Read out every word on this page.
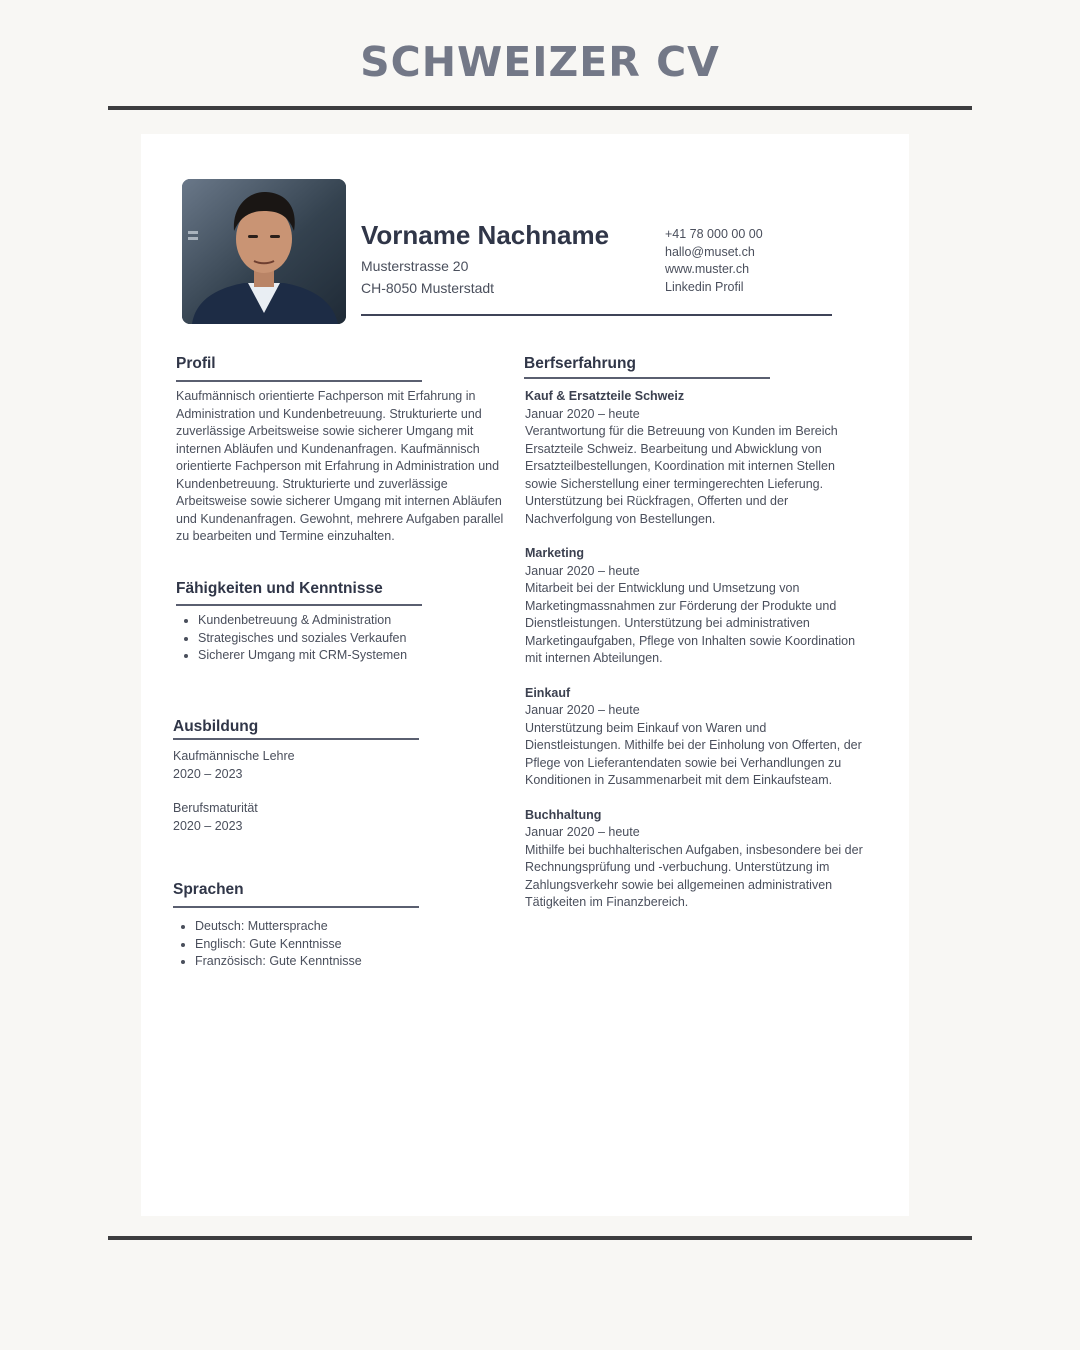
SCHWEIZER CV
Vorname Nachname
Musterstrasse 20
CH-8050 Musterstadt
+41 78 000 00 00
hallo@muset.ch
www.muster.ch
Linkedin Profil
Profil
Kaufmännisch orientierte Fachperson mit Erfahrung in Administration und Kundenbetreuung. Strukturierte und zuverlässige Arbeitsweise sowie sicherer Umgang mit internen Abläufen und Kundenanfragen. Kaufmännisch orientierte Fachperson mit Erfahrung in Administration und Kundenbetreuung. Strukturierte und zuverlässige Arbeitsweise sowie sicherer Umgang mit internen Abläufen und Kundenanfragen. Gewohnt, mehrere Aufgaben parallel zu bearbeiten und Termine einzuhalten.
Fähigkeiten und Kenntnisse
• Kundenbetreuung & Administration
• Strategisches und soziales Verkaufen
• Sicherer Umgang mit CRM-Systemen
Ausbildung
Kaufmännische Lehre
2020 – 2023
Berufsmaturität
2020 – 2023
Sprachen
• Deutsch: Muttersprache
• Englisch: Gute Kenntnisse
• Französisch: Gute Kenntnisse
Berfserfahrung
Kauf & Ersatzteile Schweiz
Januar 2020 – heute
Verantwortung für die Betreuung von Kunden im Bereich Ersatzteile Schweiz. Bearbeitung und Abwicklung von Ersatzteilbestellungen, Koordination mit internen Stellen sowie Sicherstellung einer termingerechten Lieferung. Unterstützung bei Rückfragen, Offerten und der Nachverfolgung von Bestellungen.
Marketing
Januar 2020 – heute
Mitarbeit bei der Entwicklung und Umsetzung von Marketingmassnahmen zur Förderung der Produkte und Dienstleistungen. Unterstützung bei administrativen Marketingaufgaben, Pflege von Inhalten sowie Koordination mit internen Abteilungen.
Einkauf
Januar 2020 – heute
Unterstützung beim Einkauf von Waren und Dienstleistungen. Mithilfe bei der Einholung von Offerten, der Pflege von Lieferantendaten sowie bei Verhandlungen zu Konditionen in Zusammenarbeit mit dem Einkaufsteam.
Buchhaltung
Januar 2020 – heute
Mithilfe bei buchhalterischen Aufgaben, insbesondere bei der Rechnungsprüfung und -verbuchung. Unterstützung im Zahlungsverkehr sowie bei allgemeinen administrativen Tätigkeiten im Finanzbereich.
